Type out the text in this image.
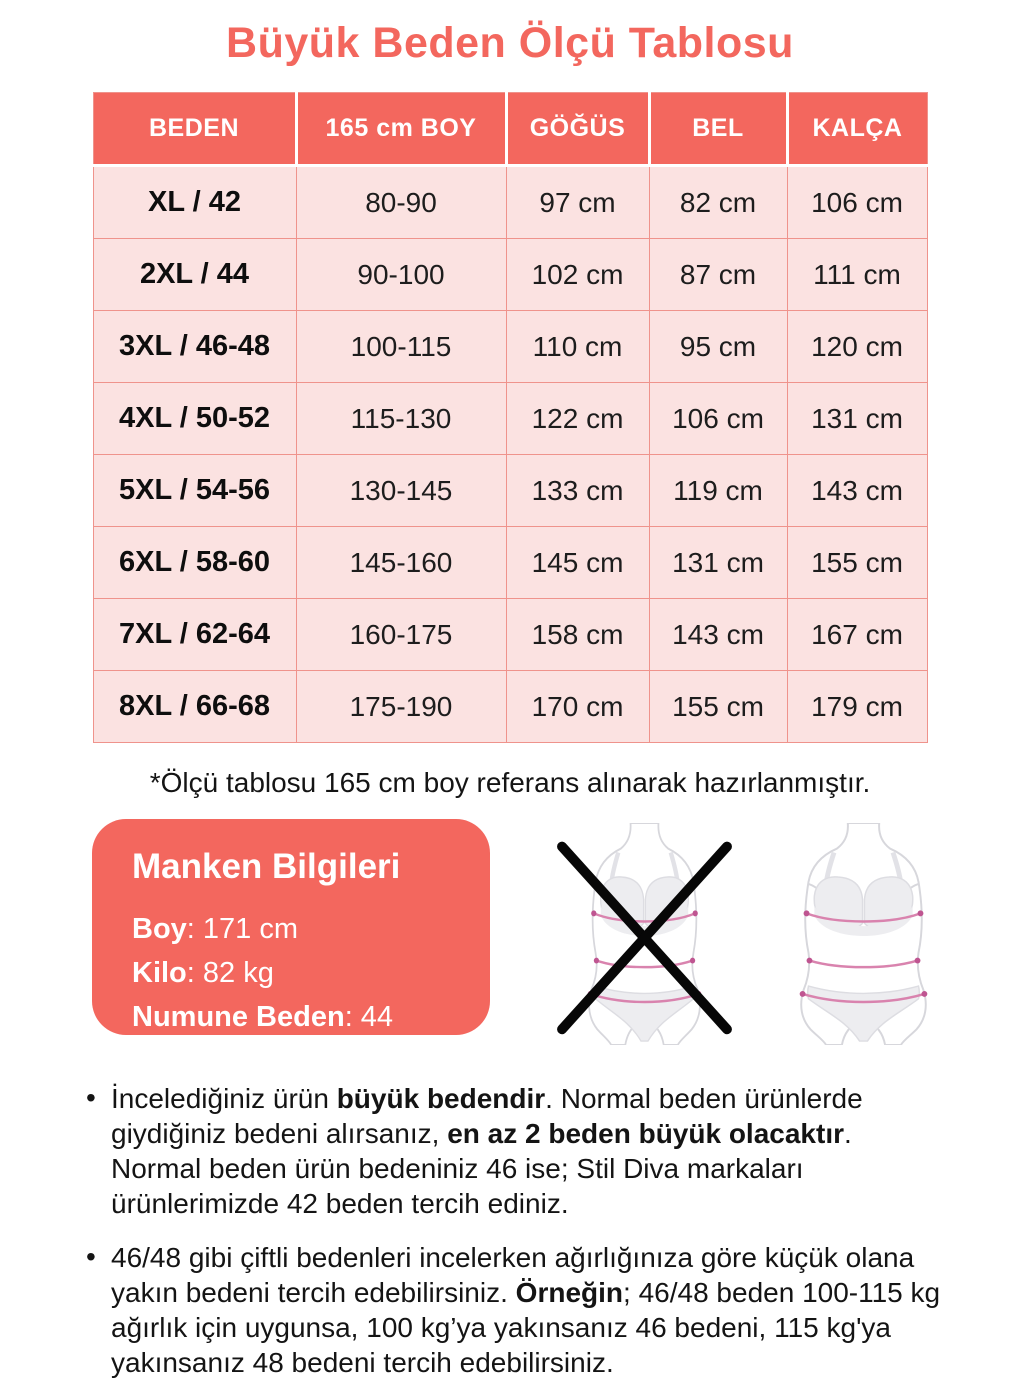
Büyük Beden Ölçü Tablosu
BEDEN	165 cm BOY	GÖĞÜS	BEL	KALÇA
XL / 42	80-90	97 cm	82 cm	106 cm
2XL / 44	90-100	102 cm	87 cm	111 cm
3XL / 46-48	100-115	110 cm	95 cm	120 cm
4XL / 50-52	115-130	122 cm	106 cm	131 cm
5XL / 54-56	130-145	133 cm	119 cm	143 cm
6XL / 58-60	145-160	145 cm	131 cm	155 cm
7XL / 62-64	160-175	158 cm	143 cm	167 cm
8XL / 66-68	175-190	170 cm	155 cm	179 cm

*Ölçü tablosu 165 cm boy referans alınarak hazırlanmıştır.

Manken Bilgileri
Boy: 171 cm
Kilo: 82 kg
Numune Beden: 44
• İncelediğiniz ürün büyük bedendir. Normal beden ürünlerde giydiğiniz bedeni alırsanız, en az 2 beden büyük olacaktır. Normal beden ürün bedeniniz 46 ise; Stil Diva markaları ürünlerimizde 42 beden tercih ediniz.
• 46/48 gibi çiftli bedenleri incelerken ağırlığınıza göre küçük olana yakın bedeni tercih edebilirsiniz. Örneğin; 46/48 beden 100-115 kg ağırlık için uygunsa, 100 kg’ya yakınsanız 46 bedeni, 115 kg'ya yakınsanız 48 bedeni tercih edebilirsiniz.
